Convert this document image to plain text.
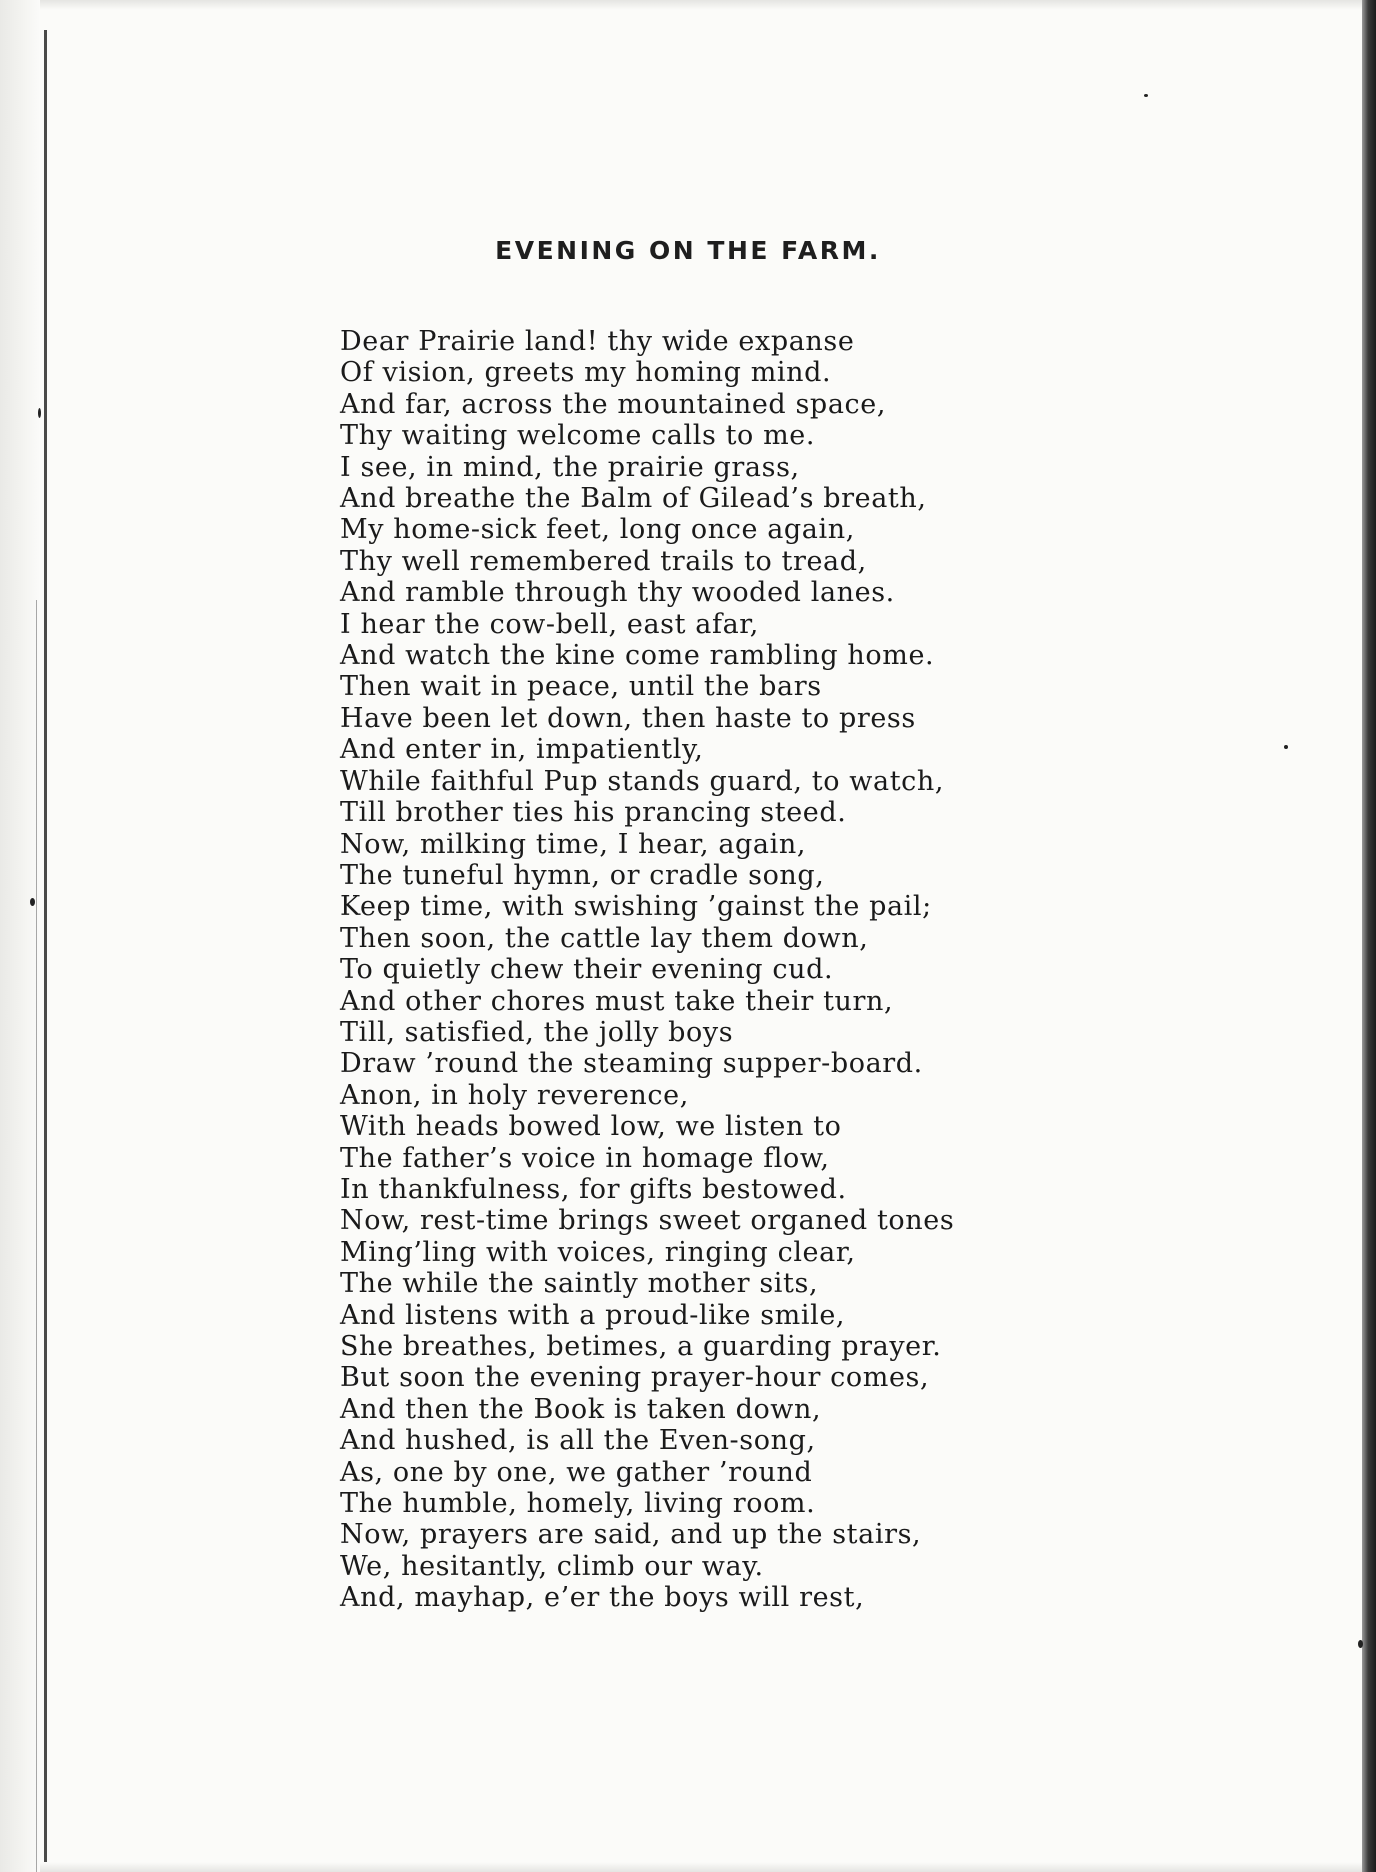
EVENING ON THE FARM.
Dear Prairie land! thy wide expanse
Of vision, greets my homing mind.
And far, across the mountained space,
Thy waiting welcome calls to me.
I see, in mind, the prairie grass,
And breathe the Balm of Gilead’s breath,
My home-sick feet, long once again,
Thy well remembered trails to tread,
And ramble through thy wooded lanes.
I hear the cow-bell, east afar,
And watch the kine come rambling home.
Then wait in peace, until the bars
Have been let down, then haste to press
And enter in, impatiently,
While faithful Pup stands guard, to watch,
Till brother ties his prancing steed.
Now, milking time, I hear, again,
The tuneful hymn, or cradle song,
Keep time, with swishing ’gainst the pail;
Then soon, the cattle lay them down,
To quietly chew their evening cud.
And other chores must take their turn,
Till, satisfied, the jolly boys
Draw ’round the steaming supper-board.
Anon, in holy reverence,
With heads bowed low, we listen to
The father’s voice in homage flow,
In thankfulness, for gifts bestowed.
Now, rest-time brings sweet organed tones
Ming’ling with voices, ringing clear,
The while the saintly mother sits,
And listens with a proud-like smile,
She breathes, betimes, a guarding prayer.
But soon the evening prayer-hour comes,
And then the Book is taken down,
And hushed, is all the Even-song,
As, one by one, we gather ’round
The humble, homely, living room.
Now, prayers are said, and up the stairs,
We, hesitantly, climb our way.
And, mayhap, e’er the boys will rest,
